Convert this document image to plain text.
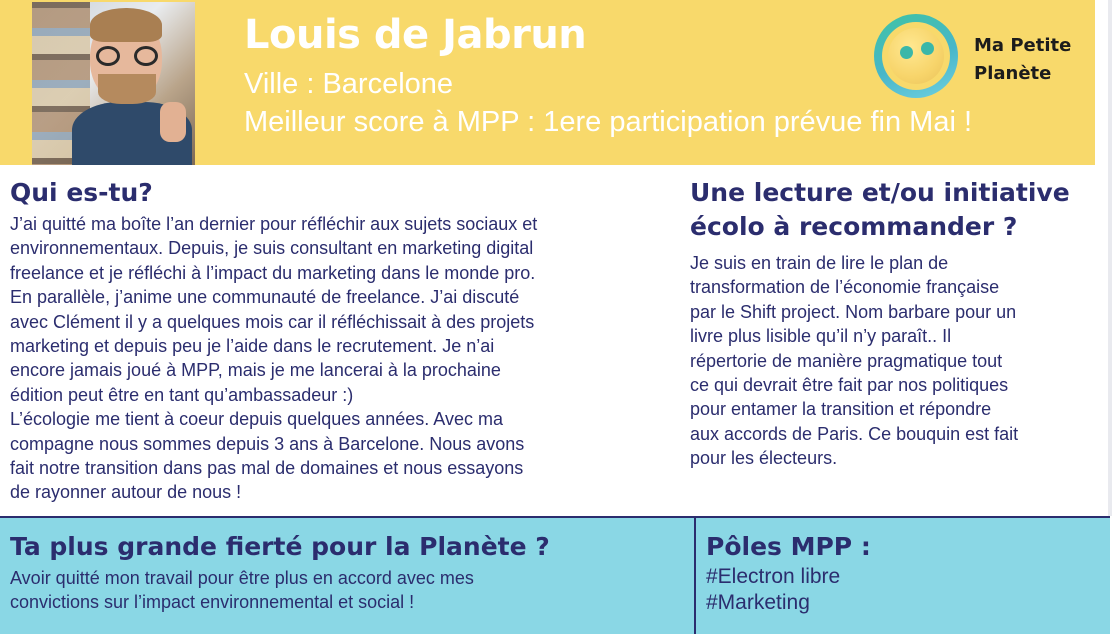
Louis de Jabrun
Ville : Barcelone
Meilleur score à MPP : 1ere participation prévue fin Mai !
Ma Petite
Planète
Qui es-tu?
J’ai quitté ma boîte l’an dernier pour réfléchir aux sujets sociaux et
environnementaux. Depuis, je suis consultant en marketing digital
freelance et je réfléchi à l’impact du marketing dans le monde pro.
En parallèle, j’anime une communauté de freelance. J’ai discuté
avec Clément il y a quelques mois car il réfléchissait à des projets
marketing et depuis peu je l’aide dans le recrutement. Je n’ai
encore jamais joué à MPP, mais je me lancerai à la prochaine
édition peut être en tant qu’ambassadeur :)
L’écologie me tient à coeur depuis quelques années. Avec ma
compagne nous sommes depuis 3 ans à Barcelone. Nous avons
fait notre transition dans pas mal de domaines et nous essayons
de rayonner autour de nous !
Une lecture et/ou initiative
écolo à recommander ?
Je suis en train de lire le plan de
transformation de l’économie française
par le Shift project. Nom barbare pour un
livre plus lisible qu’il n’y paraît.. Il
répertorie de manière pragmatique tout
ce qui devrait être fait par nos politiques
pour entamer la transition et répondre
aux accords de Paris. Ce bouquin est fait
pour les électeurs.
Ta plus grande fierté pour la Planète ?
Avoir quitté mon travail pour être plus en accord avec mes
convictions sur l’impact environnemental et social !
Pôles MPP :
#Electron libre
#Marketing
